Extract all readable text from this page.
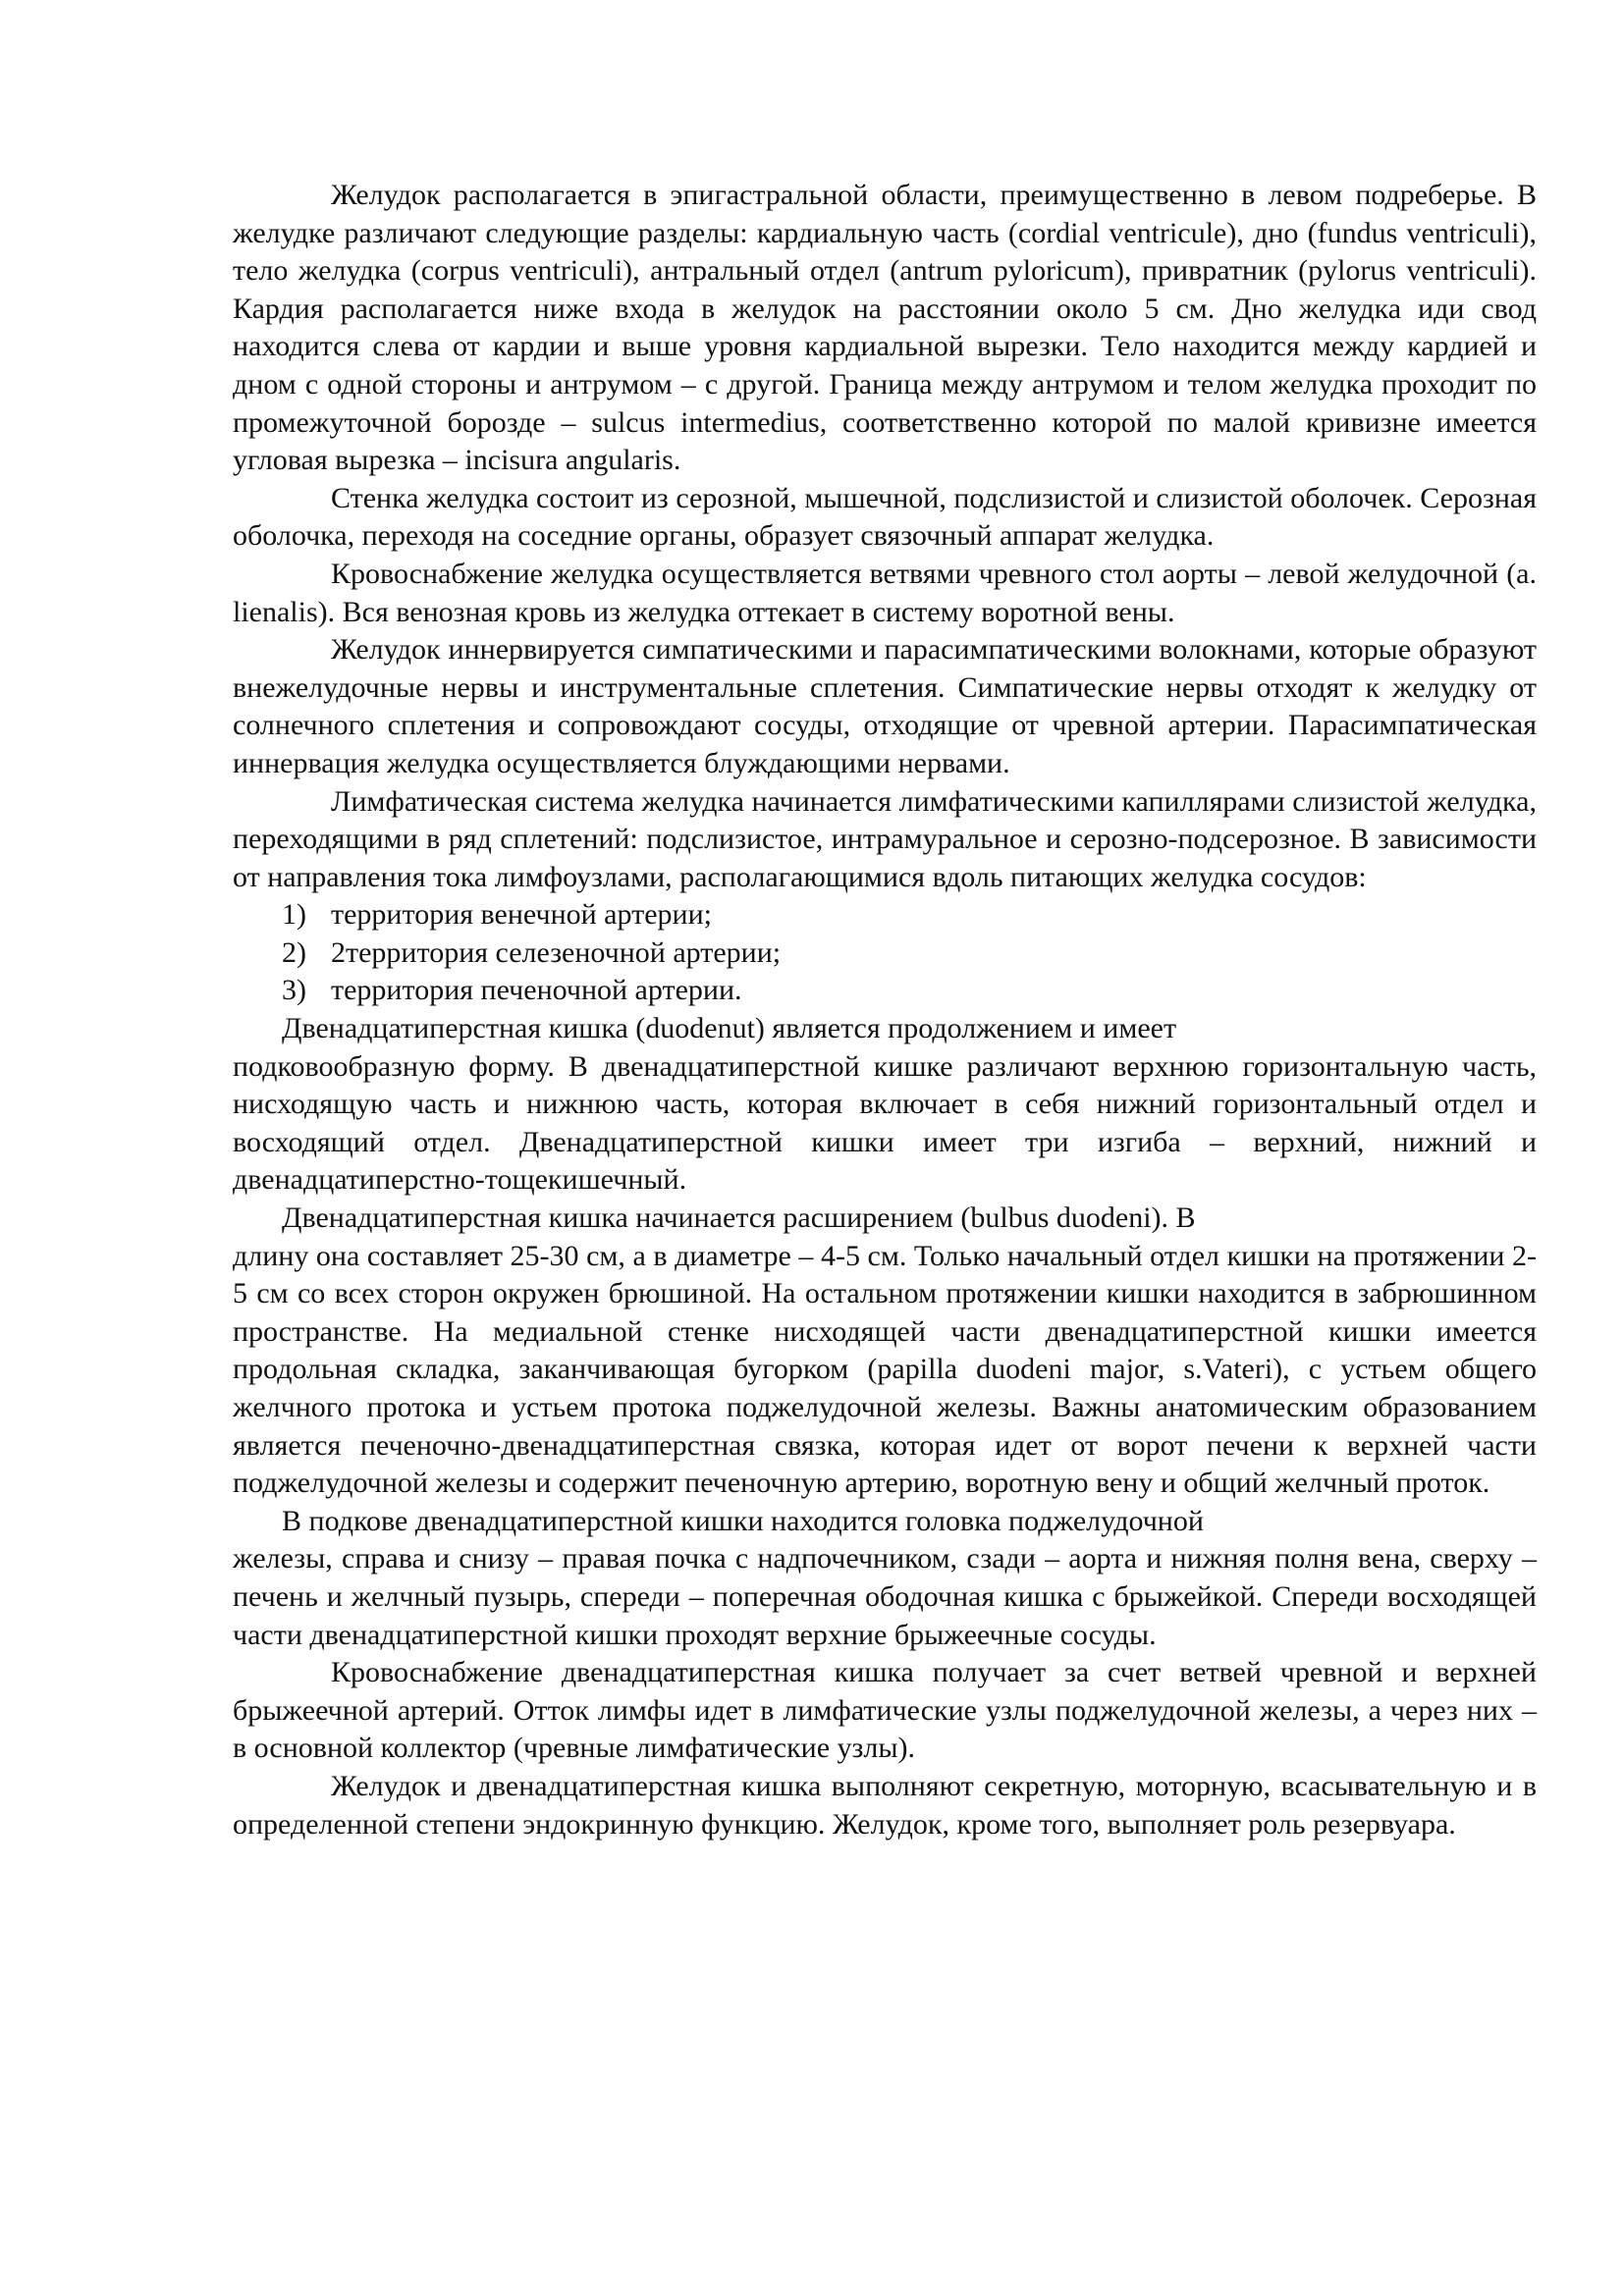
Желудок располагается в эпигастральной области, преимущественно в левом подреберье. В желудке различают следующие разделы: кардиальную часть (cordial ventricule), дно (fundus ventriculi), тело желудка (corpus ventriculi), антральный отдел (antrum pyloricum), привратник (pylorus ventriculi). Кардия располагается ниже входа в желудок на расстоянии около 5 см. Дно желудка иди свод находится слева от кардии и выше уровня кардиальной вырезки. Тело находится между кардией и дном с одной стороны и антрумом – с другой. Граница между антрумом и телом желудка проходит по промежуточной борозде – sulcus intermedius, соответственно которой по малой кривизне имеется угловая вырезка – incisura angularis.

Стенка желудка состоит из серозной, мышечной, подслизистой и слизистой оболочек. Серозная оболочка, переходя на соседние органы, образует связочный аппарат желудка.

Кровоснабжение желудка осуществляется ветвями чревного стол аорты – левой желудочной (a. lienalis). Вся венозная кровь из желудка оттекает в систему воротной вены.

Желудок иннервируется симпатическими и парасимпатическими волокнами, которые образуют внежелудочные нервы и инструментальные сплетения. Симпатические нервы отходят к желудку от солнечного сплетения и сопровождают сосуды, отходящие от чревной артерии. Парасимпатическая иннервация желудка осуществляется блуждающими нервами.

Лимфатическая система желудка начинается лимфатическими капиллярами слизистой желудка, переходящими в ряд сплетений: подслизистое, интрамуральное и серозно-подсерозное. В зависимости от направления тока лимфоузлами, располагающимися вдоль питающих желудка сосудов:

1) территория венечной артерии;
2) 2территория селезеночной артерии;
3) территория печеночной артерии.

Двенадцатиперстная кишка (duodenut) является продолжением и имеет

подковообразную форму. В двенадцатиперстной кишке различают верхнюю горизонтальную часть, нисходящую часть и нижнюю часть, которая включает в себя нижний горизонтальный отдел и восходящий отдел. Двенадцатиперстной кишки имеет три изгиба – верхний, нижний и двенадцатиперстно-тощекишечный.

Двенадцатиперстная кишка начинается расширением (bulbus duodeni). В

длину она составляет 25-30 см, а в диаметре – 4-5 см. Только начальный отдел кишки на протяжении 2-5 см со всех сторон окружен брюшиной. На остальном протяжении кишки находится в забрюшинном пространстве. На медиальной стенке нисходящей части двенадцатиперстной кишки имеется продольная складка, заканчивающая бугорком (papilla duodeni major, s.Vateri), с устьем общего желчного протока и устьем протока поджелудочной железы. Важны анатомическим образованием является печеночно-двенадцатиперстная связка, которая идет от ворот печени к верхней части поджелудочной железы и содержит печеночную артерию, воротную вену и общий желчный проток.

В подкове двенадцатиперстной кишки находится головка поджелудочной

железы, справа и снизу – правая почка с надпочечником, сзади – аорта и нижняя полня вена, сверху – печень и желчный пузырь, спереди – поперечная ободочная кишка с брыжейкой. Спереди восходящей части двенадцатиперстной кишки проходят верхние брыжеечные сосуды.

Кровоснабжение двенадцатиперстная кишка получает за счет ветвей чревной и верхней брыжеечной артерий. Отток лимфы идет в лимфатические узлы поджелудочной железы, а через них – в основной коллектор (чревные лимфатические узлы).

Желудок и двенадцатиперстная кишка выполняют секретную, моторную, всасывательную и в определенной степени эндокринную функцию. Желудок, кроме того, выполняет роль резервуара.
